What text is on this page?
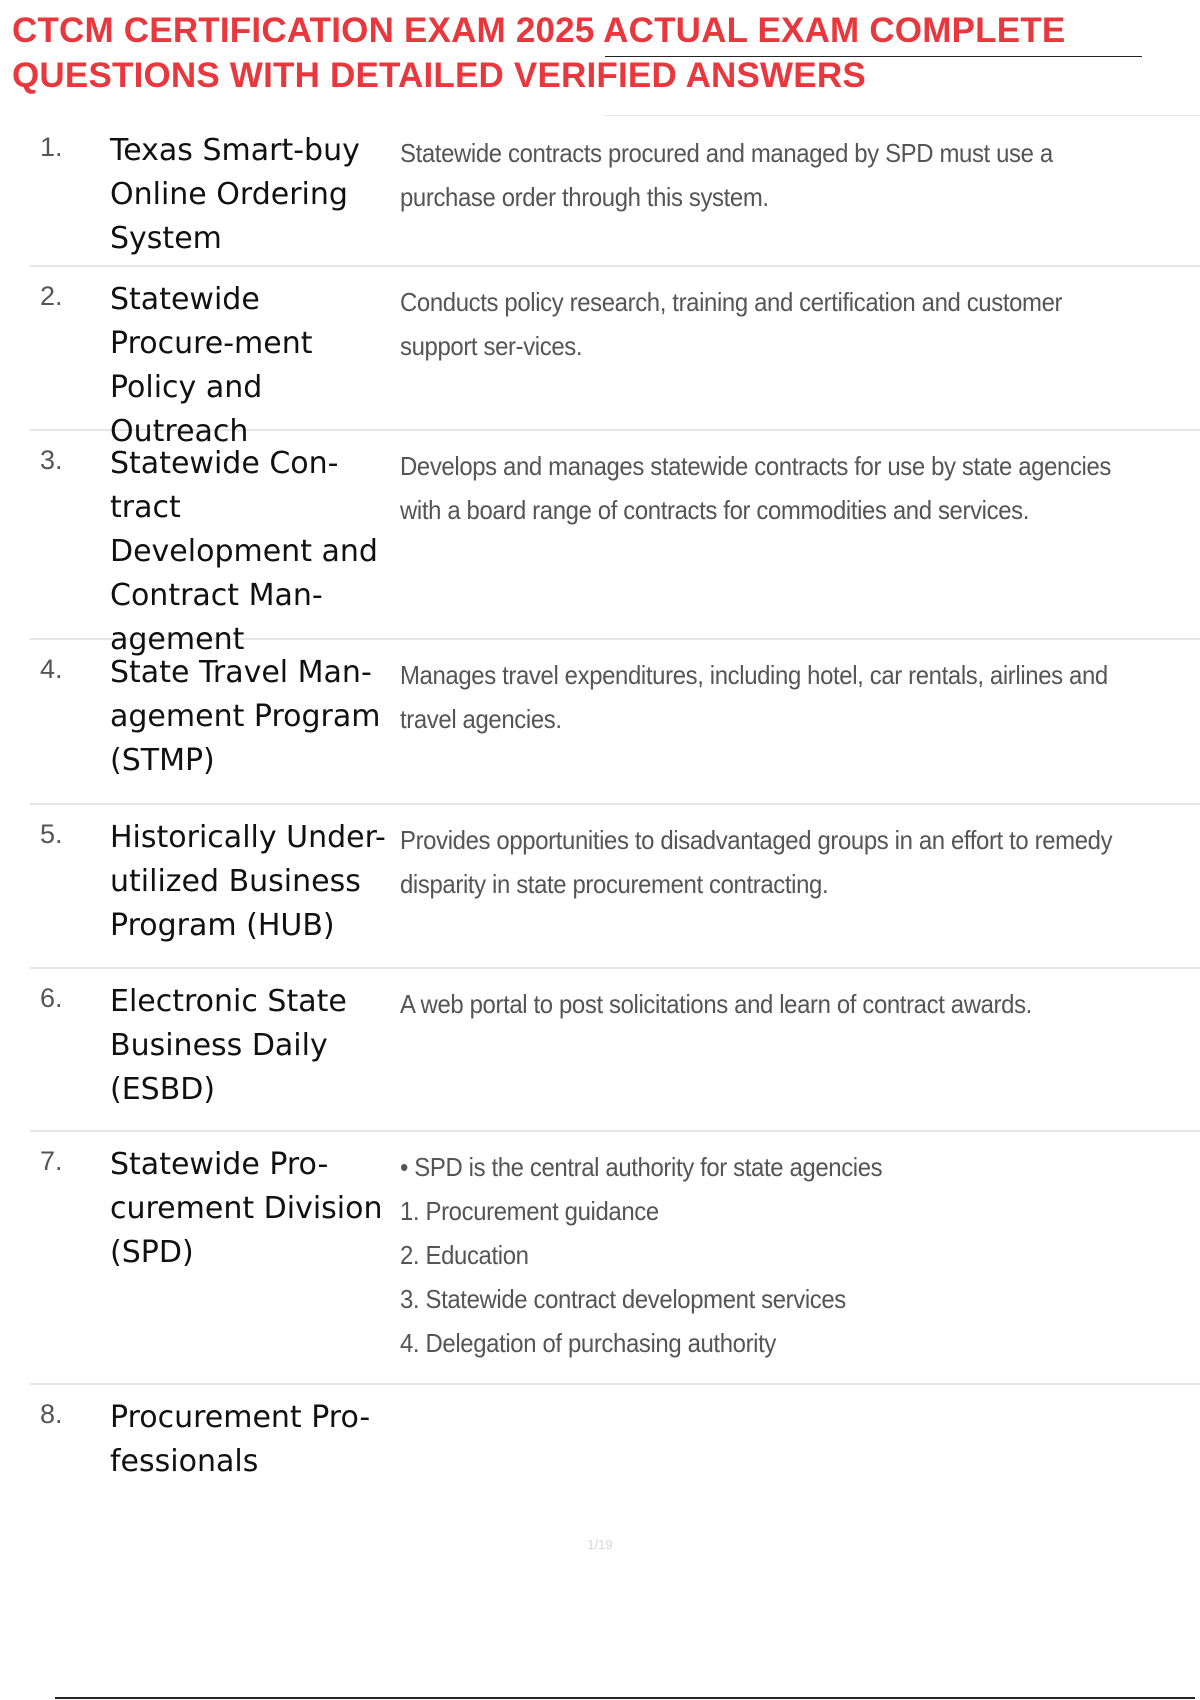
CTCM CERTIFICATION EXAM 2025 ACTUAL EXAM COMPLETE QUESTIONS WITH DETAILED VERIFIED ANSWERS
1.	Texas Smart-buy Online Ordering System
Statewide contracts procured and managed by SPD must use a purchase order through this system.
2.	Statewide Procure-ment Policy and Outreach
Conducts policy research, training and certification and customer support ser-vices.
3.	Statewide Con-tract Development and Contract Man-agement
Develops and manages statewide contracts for use by state agencies with a board range of contracts for commodities and services.
4.	State Travel Man-agement Program (STMP)
Manages travel expenditures, including hotel, car rentals, airlines and travel agencies.
5.	Historically Under-utilized Business Program (HUB)
Provides opportunities to disadvantaged groups in an effort to remedy disparity in state procurement contracting.
6.	Electronic State Business Daily (ESBD)
A web portal to post solicitations and learn of contract awards.
7.	Statewide Pro-curement Division (SPD)
• SPD is the central authority for state agencies
1. Procurement guidance
2. Education
3. Statewide contract development services
4. Delegation of purchasing authority
8.	Procurement Pro-fessionals
1/19
